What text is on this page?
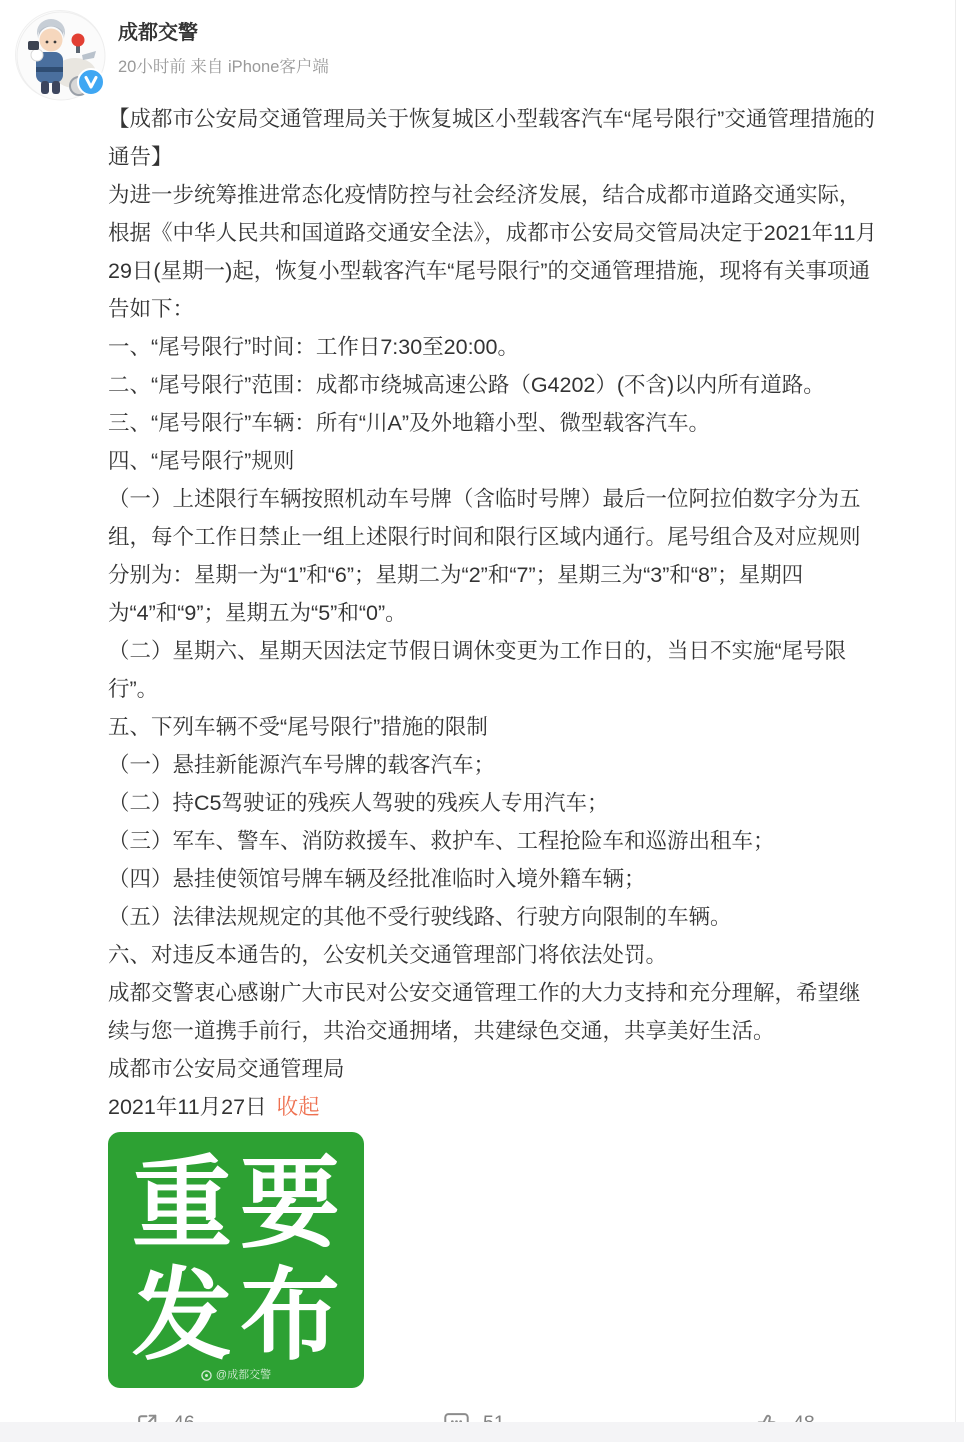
成都交警
20小时前 来自 iPhone客户端

【成都市公安局交通管理局关于恢复城区小型载客汽车“尾号限行”交通管理措施的通告】

为进一步统筹推进常态化疫情防控与社会经济发展，结合成都市道路交通实际，根据《中华人民共和国道路交通安全法》，成都市公安局交管局决定于2021年11月29日(星期一)起，恢复小型载客汽车“尾号限行”的交通管理措施，现将有关事项通告如下：

一、“尾号限行”时间：工作日7:30至20:00。

二、“尾号限行”范围：成都市绕城高速公路（G4202）(不含)以内所有道路。

三、“尾号限行”车辆：所有“川A”及外地籍小型、微型载客汽车。

四、“尾号限行”规则

（一）上述限行车辆按照机动车号牌（含临时号牌）最后一位阿拉伯数字分为五组，每个工作日禁止一组上述限行时间和限行区域内通行。尾号组合及对应规则分别为：星期一为“1”和“6”；星期二为“2”和“7”；星期三为“3”和“8”；星期四为“4”和“9”；星期五为“5”和“0”。

（二）星期六、星期天因法定节假日调休变更为工作日的，当日不实施“尾号限行”。

五、下列车辆不受“尾号限行”措施的限制

（一）悬挂新能源汽车号牌的载客汽车；

（二）持C5驾驶证的残疾人驾驶的残疾人专用汽车；

（三）军车、警车、消防救援车、救护车、工程抢险车和巡游出租车；

（四）悬挂使领馆号牌车辆及经批准临时入境外籍车辆；

（五）法律法规规定的其他不受行驶线路、行驶方向限制的车辆。

六、对违反本通告的，公安机关交通管理部门将依法处罚。

成都交警衷心感谢广大市民对公安交通管理工作的大力支持和充分理解，希望继续与您一道携手前行，共治交通拥堵，共建绿色交通，共享美好生活。

成都市公安局交通管理局

2021年11月27日 收起

重要
发布
@成都交警
